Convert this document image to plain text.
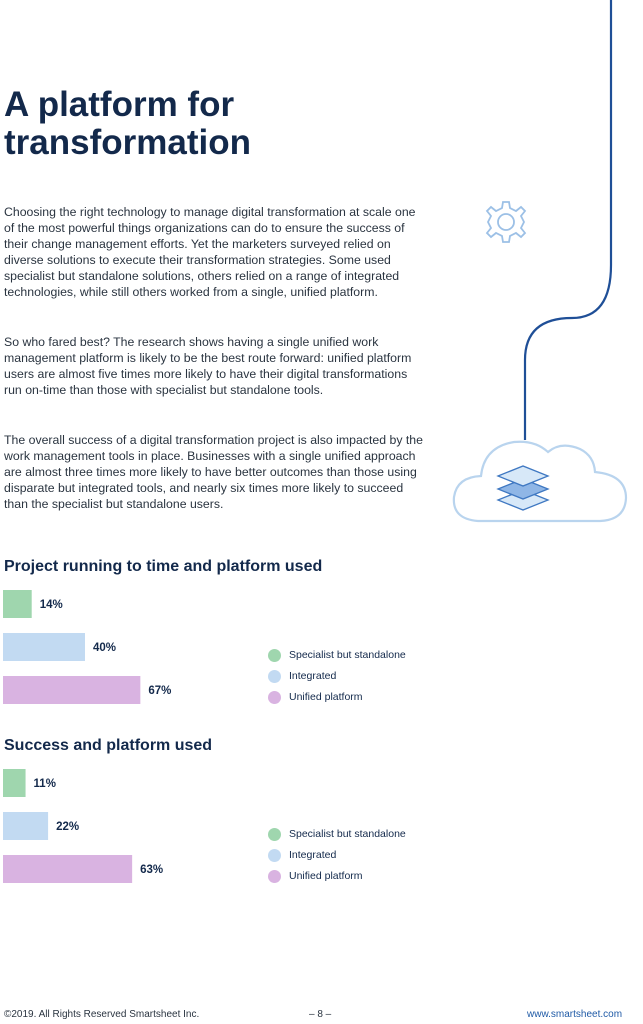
A platform for transformation

Choosing the right technology to manage digital transformation at scale one of the most powerful things organizations can do to ensure the success of their change management efforts. Yet the marketers surveyed relied on diverse solutions to execute their transformation strategies. Some used specialist but standalone solutions, others relied on a range of integrated technologies, while still others worked from a single, unified platform.

So who fared best? The research shows having a single unified work management platform is likely to be the best route forward: unified platform users are almost five times more likely to have their digital transformations run on-time than those with specialist but standalone tools.

The overall success of a digital transformation project is also impacted by the work management tools in place. Businesses with a single unified approach are almost three times more likely to have better outcomes than those using disparate but integrated tools, and nearly six times more likely to succeed than the specialist but standalone users.

Project running to time and platform used
14%
40%
67%
Specialist but standalone
Integrated
Unified platform
Success and platform used
11%
22%
63%
Specialist but standalone
Integrated
Unified platform
©2019. All Rights Reserved Smartsheet Inc.	– 8 –	www.smartsheet.com
